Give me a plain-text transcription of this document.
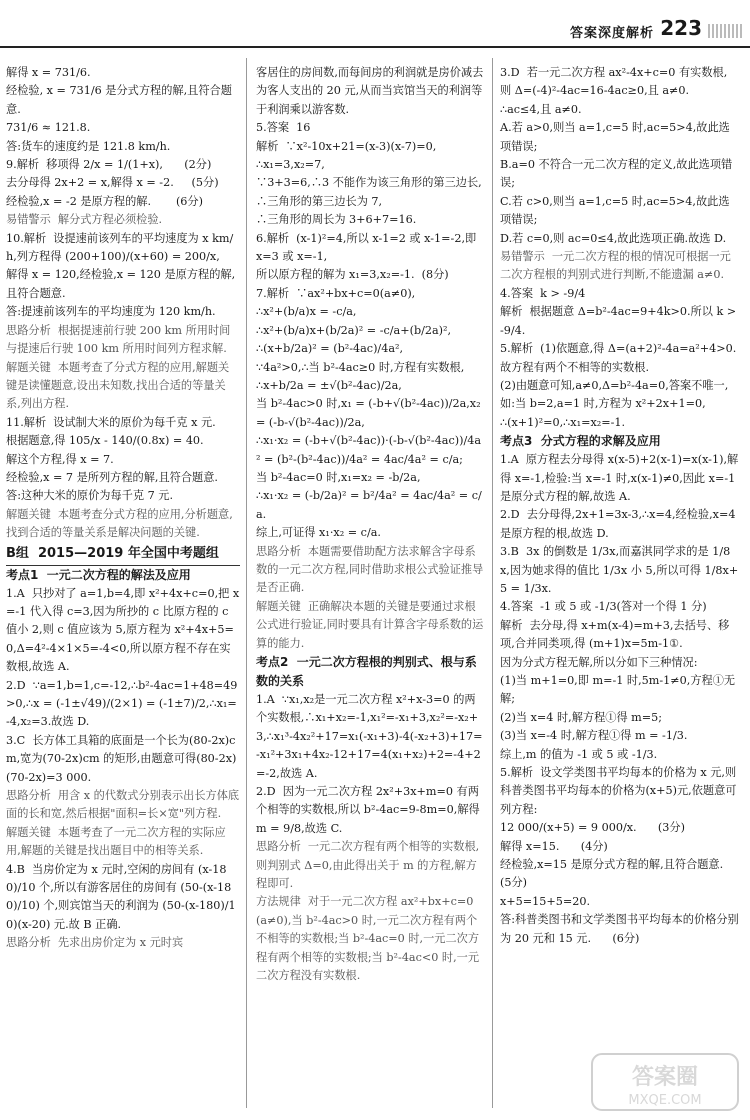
答案深度解析 223

解得 x = 731/6.

经检验, x = 731/6 是分式方程的解,且符合题意.

731/6 ≈ 121.8.

答:货车的速度约是 121.8 km/h.

9.解析  移项得 2/x = 1/(1+x),      (2分)

去分母得 2x+2 = x,解得 x = -2.     (5分)

经检验,x = -2 是原方程的解.       (6分)

易错警示  解分式方程必须检验.

10.解析  设提速前该列车的平均速度为 x km/h,列方程得 (200+100)/(x+60) = 200/x,

解得 x = 120,经检验,x = 120 是原方程的解,且符合题意.

答:提速前该列车的平均速度为 120 km/h.

思路分析  根据提速前行驶 200 km 所用时间与提速后行驶 100 km 所用时间列方程求解.

解题关键  本题考查了分式方程的应用,解题关键是读懂题意,设出未知数,找出合适的等量关系,列出方程.

11.解析  设试制大米的原价为每千克 x 元.

根据题意,得 105/x - 140/(0.8x) = 40.

解这个方程,得 x = 7.

经检验,x = 7 是所列方程的解,且符合题意.

答:这种大米的原价为每千克 7 元.

解题关键  本题考查分式方程的应用,分析题意,找到合适的等量关系是解决问题的关键.

B组  2015—2019 年全国中考题组

考点1  一元二次方程的解法及应用

1.A  只抄对了 a=1,b=4,即 x²+4x+c=0,把 x=-1 代入得 c=3,因为所抄的 c 比原方程的 c 值小 2,则 c 值应该为 5,原方程为 x²+4x+5=0,Δ=4²-4×1×5=-4<0,所以原方程不存在实数根,故选 A.

2.D  ∵a=1,b=1,c=-12,∴b²-4ac=1+48=49>0,∴x = (-1±√49)/(2×1) = (-1±7)/2,∴x₁=-4,x₂=3.故选 D.

3.C  长方体工具箱的底面是一个长为(80-2x)cm,宽为(70-2x)cm 的矩形,由题意可得(80-2x)(70-2x)=3 000.

思路分析  用含 x 的代数式分别表示出长方体底面的长和宽,然后根据"面积=长×宽"列方程.

解题关键  本题考查了一元二次方程的实际应用,解题的关键是找出题目中的相等关系.

4.B  当房价定为 x 元时,空闲的房间有 (x-180)/10 个,所以有游客居住的房间有 (50-(x-180)/10) 个,则宾馆当天的利润为 (50-(x-180)/10)(x-20) 元.故 B 正确.

思路分析  先求出房价定为 x 元时宾

客居住的房间数,而每间房的利润就是房价减去为客人支出的 20 元,从而当宾馆当天的利润等于利润乘以游客数.

5.答案  16

解析  ∵x²-10x+21=(x-3)(x-7)=0,

∴x₁=3,x₂=7,

∵3+3=6,∴3 不能作为该三角形的第三边长,∴三角形的第三边长为 7,

∴三角形的周长为 3+6+7=16.

6.解析  (x-1)²=4,所以 x-1=2 或 x-1=-2,即 x=3 或 x=-1,

所以原方程的解为 x₁=3,x₂=-1.  (8分)

7.解析  ∵ax²+bx+c=0(a≠0),

∴x²+(b/a)x = -c/a,

∴x²+(b/a)x+(b/2a)² = -c/a+(b/2a)²,

∴(x+b/2a)² = (b²-4ac)/4a²,

∵4a²>0,∴当 b²-4ac≥0 时,方程有实数根,

∴x+b/2a = ±√(b²-4ac)/2a,

当 b²-4ac>0 时,x₁ = (-b+√(b²-4ac))/2a,x₂ = (-b-√(b²-4ac))/2a,

∴x₁·x₂ = (-b+√(b²-4ac))·(-b-√(b²-4ac))/4a² = (b²-(b²-4ac))/4a² = 4ac/4a² = c/a;

当 b²-4ac=0 时,x₁=x₂ = -b/2a,

∴x₁·x₂ = (-b/2a)² = b²/4a² = 4ac/4a² = c/a.

综上,可证得 x₁·x₂ = c/a.

思路分析  本题需要借助配方法求解含字母系数的一元二次方程,同时借助求根公式验证推导是否正确.

解题关键  正确解决本题的关键是要通过求根公式进行验证,同时要具有计算含字母系数的运算的能力.

考点2  一元二次方程根的判别式、根与系数的关系

1.A  ∵x₁,x₂是一元二次方程 x²+x-3=0 的两个实数根,∴x₁+x₂=-1,x₁²=-x₁+3,x₂²=-x₂+3,∴x₁³-4x₂²+17=x₁(-x₁+3)-4(-x₂+3)+17=-x₁²+3x₁+4x₂-12+17=4(x₁+x₂)+2=-4+2=-2,故选 A.

2.D  因为一元二次方程 2x²+3x+m=0 有两个相等的实数根,所以 b²-4ac=9-8m=0,解得 m = 9/8,故选 C.

思路分析  一元二次方程有两个相等的实数根,则判别式 Δ=0,由此得出关于 m 的方程,解方程即可.

方法规律  对于一元二次方程 ax²+bx+c=0(a≠0),当 b²-4ac>0 时,一元二次方程有两个不相等的实数根;当 b²-4ac=0 时,一元二次方程有两个相等的实数根;当 b²-4ac<0 时,一元二次方程没有实数根.

3.D  若一元二次方程 ax²-4x+c=0 有实数根,

则 Δ=(-4)²-4ac=16-4ac≥0,且 a≠0.

∴ac≤4,且 a≠0.

A.若 a>0,则当 a=1,c=5 时,ac=5>4,故此选项错误;

B.a=0 不符合一元二次方程的定义,故此选项错误;

C.若 c>0,则当 a=1,c=5 时,ac=5>4,故此选项错误;

D.若 c=0,则 ac=0≤4,故此选项正确.故选 D.

易错警示  一元二次方程的根的情况可根据一元二次方程根的判别式进行判断,不能遗漏 a≠0.

4.答案  k > -9/4

解析  根据题意 Δ=b²-4ac=9+4k>0.所以 k > -9/4.

5.解析  (1)依题意,得 Δ=(a+2)²-4a=a²+4>0.

故方程有两个不相等的实数根.

(2)由题意可知,a≠0,Δ=b²-4a=0,答案不唯一,如:当 b=2,a=1 时,方程为 x²+2x+1=0,

∴(x+1)²=0,∴x₁=x₂=-1.

考点3  分式方程的求解及应用

1.A  原方程去分母得 x(x-5)+2(x-1)=x(x-1),解得 x=-1,检验:当 x=-1 时,x(x-1)≠0,因此 x=-1 是原分式方程的解,故选 A.

2.D  去分母得,2x+1=3x-3,∴x=4,经检验,x=4 是原方程的根,故选 D.

3.B  3x 的倒数是 1/3x,而嘉淇同学求的是 1/8x,因为她求得的值比 1/3x 小 5,所以可得 1/8x+5 = 1/3x.

4.答案  -1 或 5 或 -1/3(答对一个得 1 分)

解析  去分母,得 x+m(x-4)=m+3,去括号、移项,合并同类项,得 (m+1)x=5m-1①.

因为分式方程无解,所以分如下三种情况:

(1)当 m+1=0,即 m=-1 时,5m-1≠0,方程①无解;

(2)当 x=4 时,解方程①得 m=5;

(3)当 x=-4 时,解方程①得 m = -1/3.

综上,m 的值为 -1 或 5 或 -1/3.

5.解析  设文学类图书平均每本的价格为 x 元,则科普类图书平均每本的价格为(x+5)元,依题意可列方程:

12 000/(x+5) = 9 000/x.      (3分)

解得 x=15.      (4分)

经检验,x=15 是原分式方程的解,且符合题意.      (5分)

x+5=15+5=20.

答:科普类图书和文学类图书平均每本的价格分别为 20 元和 15 元.      (6分)

答案圈
MXQE.COM
